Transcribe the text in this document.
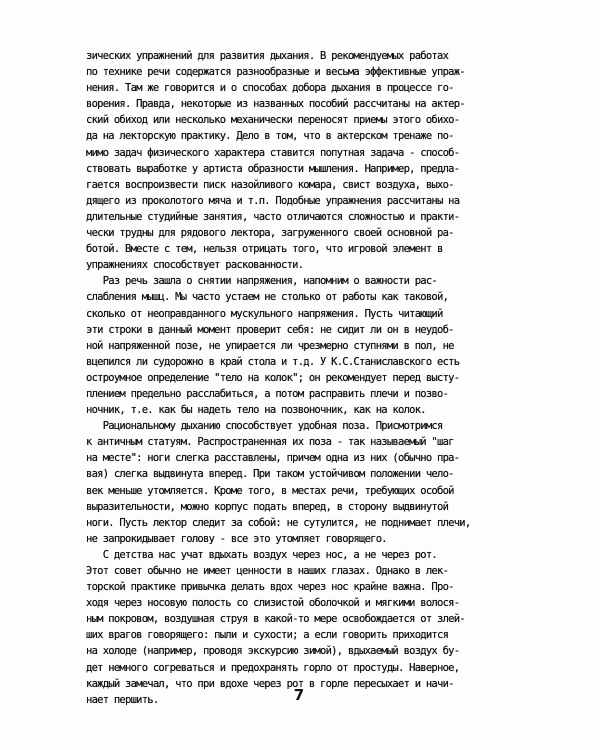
зических упражнений для развития дыхания. В рекомендуемых работах
по технике речи содержатся разнообразные и весьма эффективные упраж-
нения. Там же говорится и о способах добора дыхания в процессе го-
ворения. Правда, некоторые из названных пособий рассчитаны на актер-
ский обиход или несколько механически переносят приемы этого обихо-
да на лекторскую практику. Дело в том, что в актерском тренаже по-
мимо задач физического характера ставится попутная задача - способ-
ствовать выработке у артиста образности мышления. Например, предла-
гается воспроизвести писк назойливого комара, свист воздуха, выхо-
дящего из проколотого мяча и т.п. Подобные упражнения рассчитаны на
длительные студийные занятия, часто отличаются сложностью и практи-
чески трудны для рядового лектора, загруженного своей основной ра-
ботой. Вместе с тем, нельзя отрицать того, что игровой элемент в
упражнениях способствует раскованности.
Раз речь зашла о снятии напряжения, напомним о важности рас-
слабления мышц. Мы часто устаем не столько от работы как таковой,
сколько от неоправданного мускульного напряжения. Пусть читающий
эти строки в данный момент проверит себя: не сидит ли он в неудоб-
ной напряженной позе, не упирается ли чрезмерно ступнями в пол, не
вцепился ли судорожно в край стола и т.д. У К.С.Станиславского есть
остроумное определение "тело на колок"; он рекомендует перед высту-
плением предельно расслабиться, а потом расправить плечи и позво-
ночник, т.е. как бы надеть тело на позвоночник, как на колок.
Рациональному дыханию способствует удобная поза. Присмотримся
к античным статуям. Распространенная их поза - так называемый "шаг
на месте": ноги слегка расставлены, причем одна из них (обычно пра-
вая) слегка выдвинута вперед. При таком устойчивом положении чело-
век меньше утомляется. Кроме того, в местах речи, требующих особой
выразительности, можно корпус подать вперед, в сторону выдвинутой
ноги. Пусть лектор следит за собой: не сутулится, не поднимает плечи,
не запрокидывает голову - все это утомляет говорящего.
С детства нас учат вдыхать воздух через нос, а не через рот.
Этот совет обычно не имеет ценности в наших глазах. Однако в лек-
торской практике привычка делать вдох через нос крайне важна. Про-
ходя через носовую полость со слизистой оболочкой и мягкими волося-
ным покровом, воздушная струя в какой-то мере освобождается от злей-
ших врагов говорящего: пыли и сухости; а если говорить приходится
на холоде (например, проводя экскурсию зимой), вдыхаемый воздух бу-
дет немного согреваться и предохранять горло от простуды. Наверное,
каждый замечал, что при вдохе через рот в горле пересыхает и начи-
нает першить.	7
